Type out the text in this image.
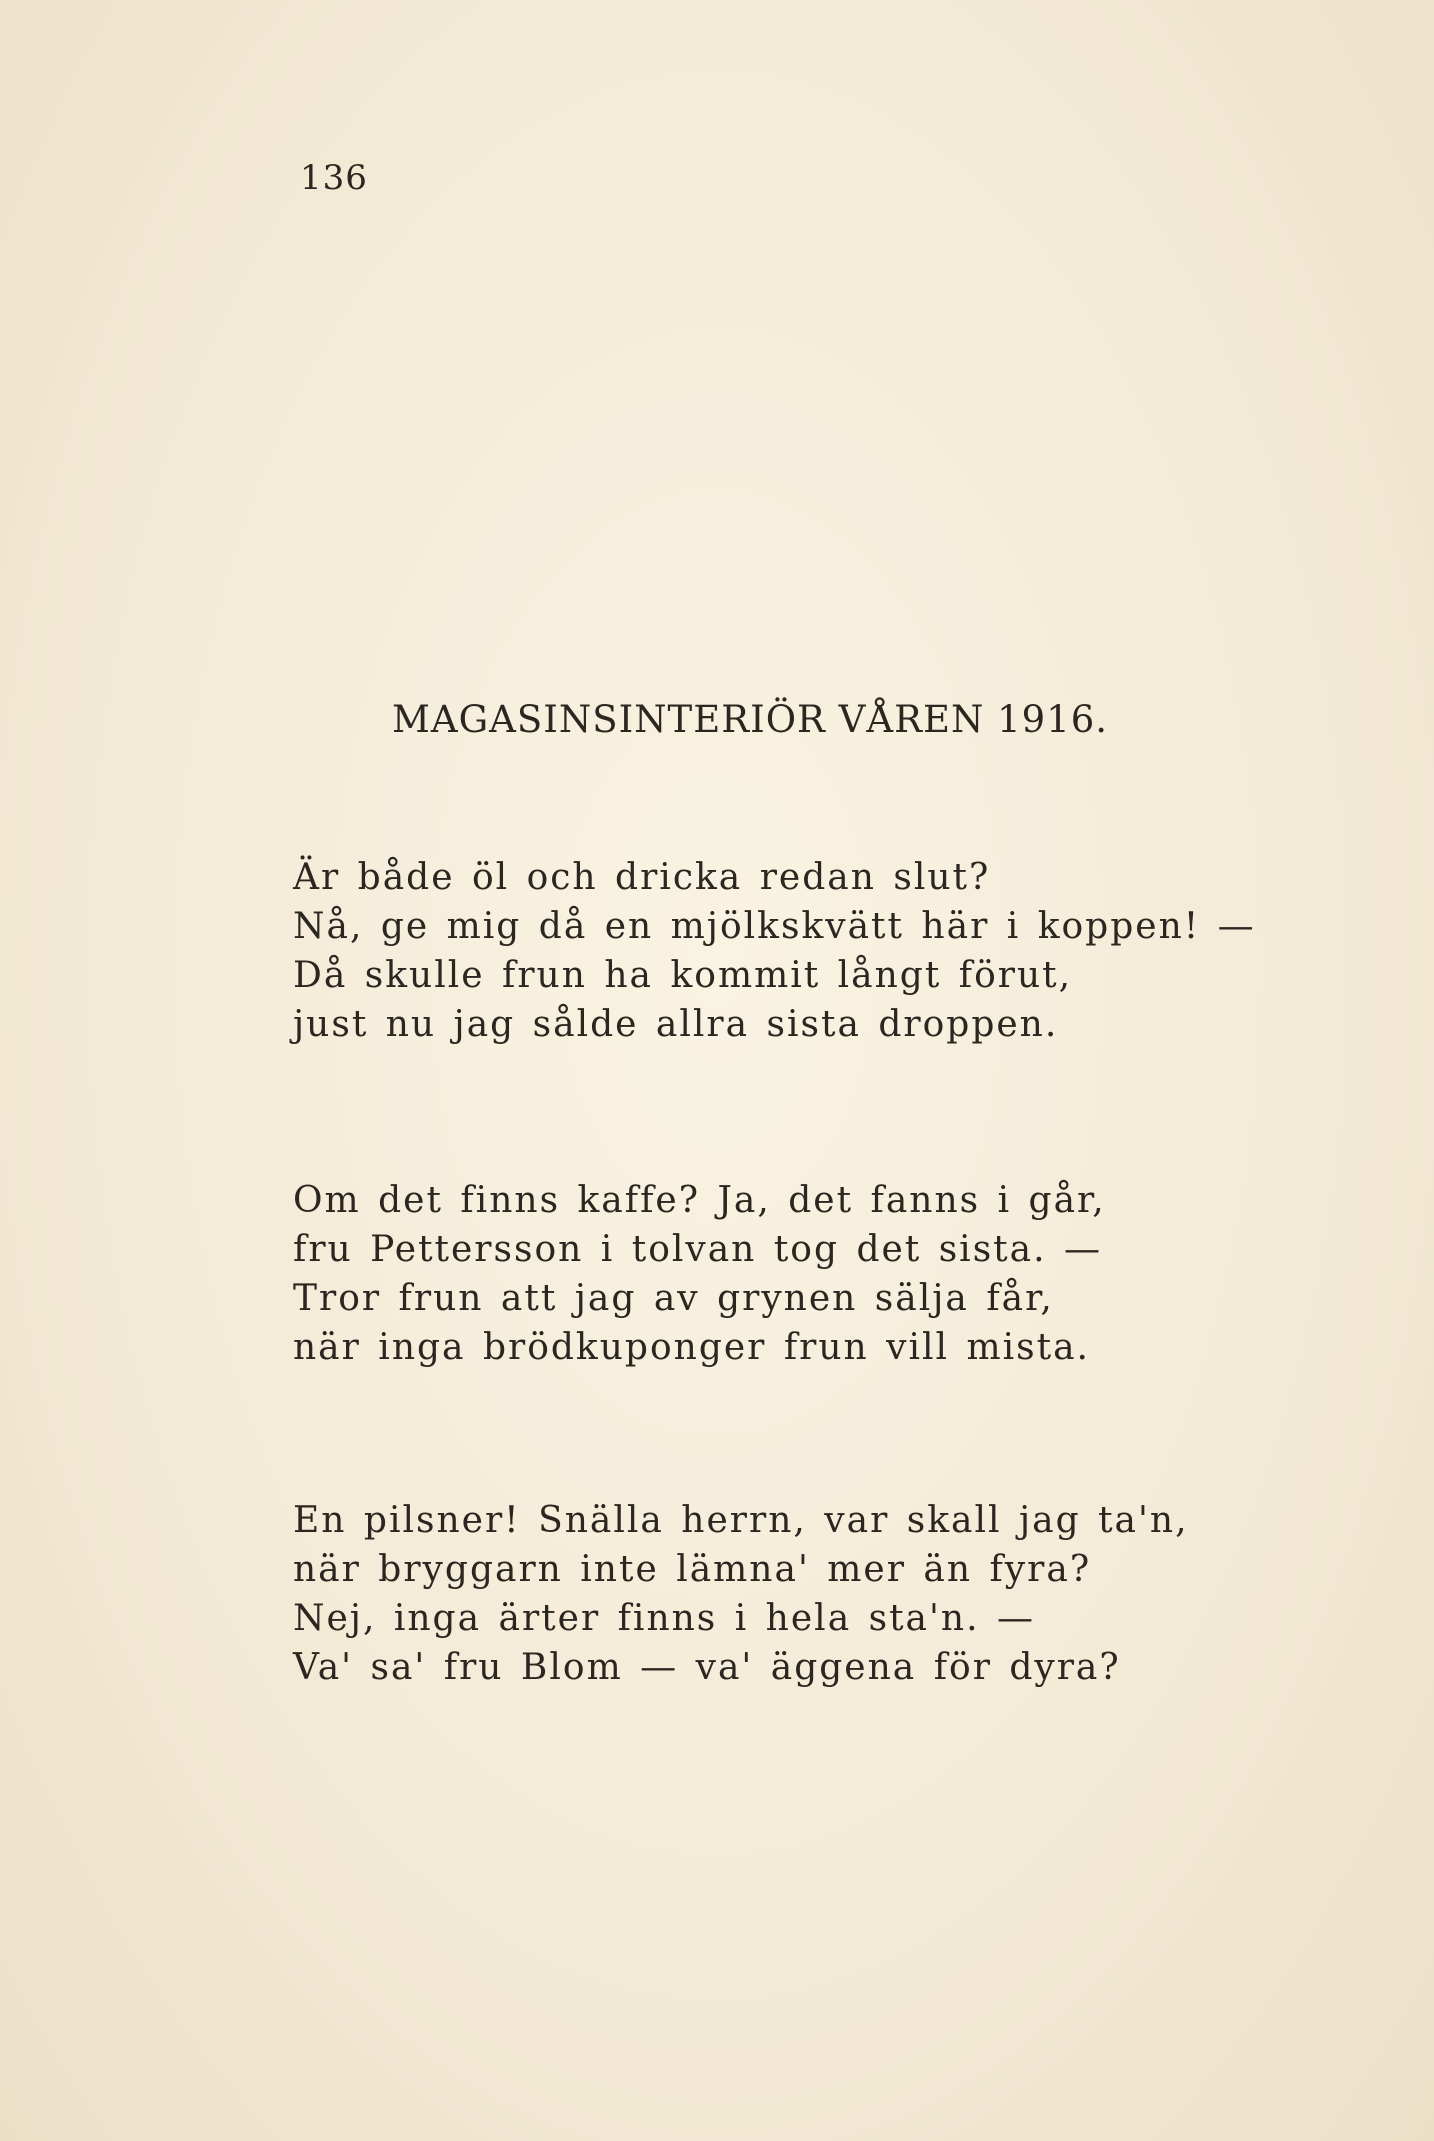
136
MAGASINSINTERIÖR VÅREN 1916.
Är både öl och dricka redan slut?
Nå, ge mig då en mjölkskvätt här i koppen! —
Då skulle frun ha kommit långt förut,
just nu jag sålde allra sista droppen.
Om det finns kaffe? Ja, det fanns i går,
fru Pettersson i tolvan tog det sista. —
Tror frun att jag av grynen sälja får,
när inga brödkuponger frun vill mista.
En pilsner! Snälla herrn, var skall jag ta'n,
när bryggarn inte lämna' mer än fyra?
Nej, inga ärter finns i hela sta'n. —
Va' sa' fru Blom — va' äggena för dyra?
